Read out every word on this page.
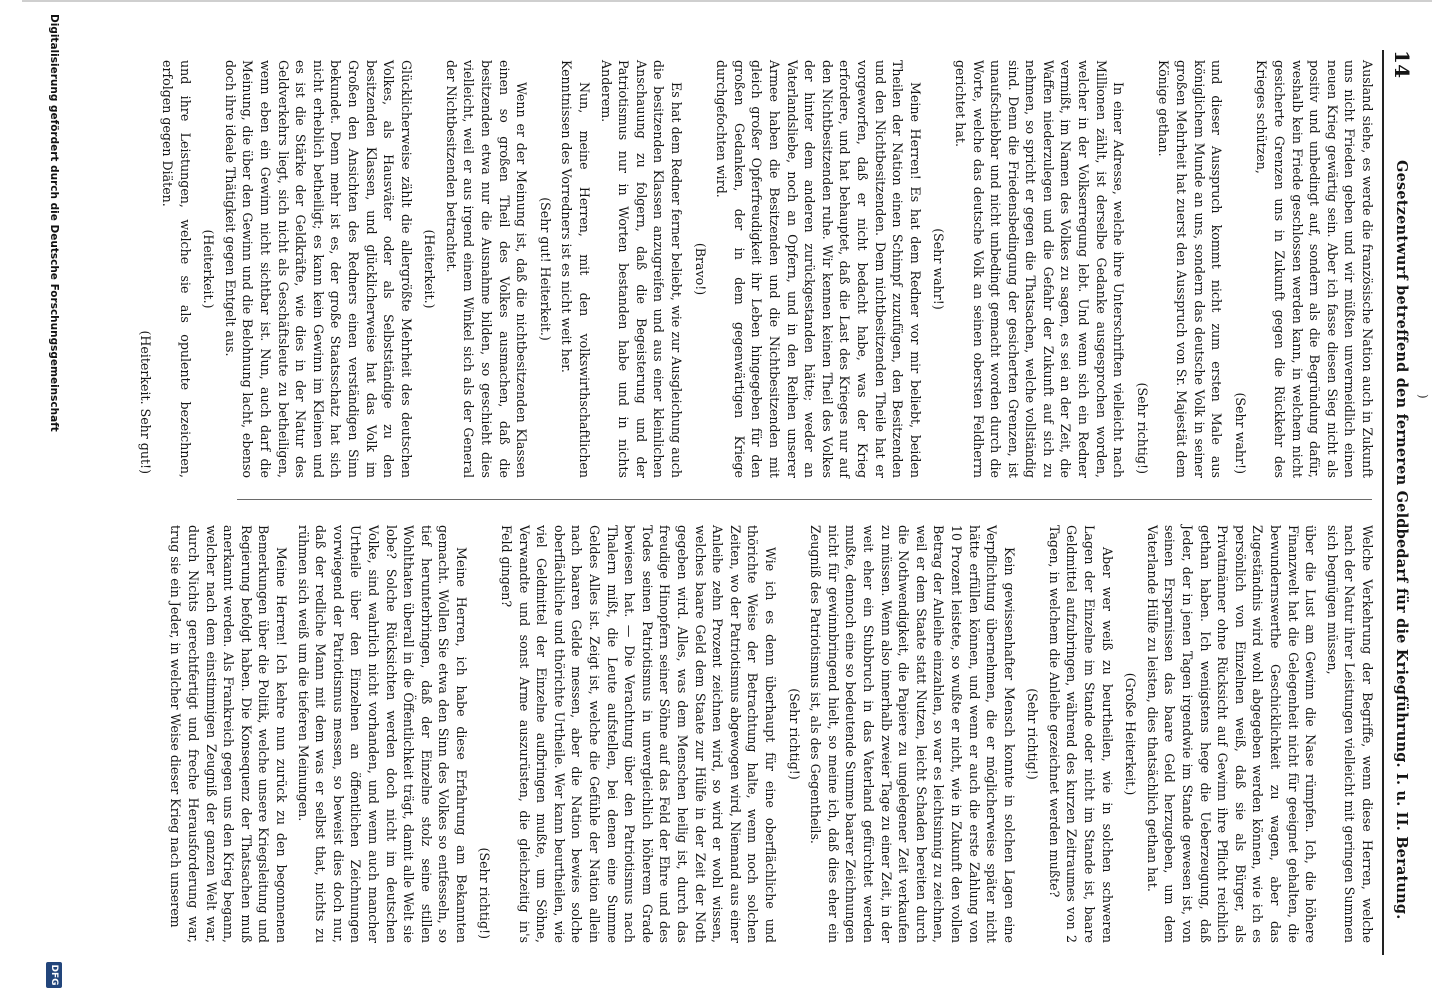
)
14
Gesetzentwurf betreffend den ferneren Geldbedarf für die Kriegführung. I. u. II. Beratung.

Ausland siehe, es werde die französische Nation auch in Zukunft uns nicht Frieden geben und wir müßten unvermeidlich einen neuen Krieg gewärtig sein. Aber ich fasse diesen Sieg nicht als positiv und unbedingt auf, sondern als die Begründung dafür, weshalb kein Friede geschlossen werden kann, in welchem nicht gesicherte Grenzen uns in Zukunft gegen die Rückkehr des Krieges schützen,

(Sehr wahr!)

und dieser Ausspruch kommt nicht zum ersten Male aus königlichem Munde an uns, sondern das deutsche Volk in seiner großen Mehrheit hat zuerst den Ausspruch von Sr. Majestät dem Könige gethan.

(Sehr richtig!)

In einer Adresse, welche ihre Unterschriften vielleicht nach Millionen zählt, ist derselbe Gedanke ausgesprochen worden, welcher in der Volkserregung lebt. Und wenn sich ein Redner vermißt, im Namen des Volkes zu sagen, es sei an der Zeit, die Waffen niederzulegen und die Gefahr der Zukunft auf sich zu nehmen, so spricht er gegen die Thatsachen, welche vollständig sind. Denn die Friedensbedingung der gesicherten Grenzen, ist unaufschiebbar und nicht unbedingt gemacht worden durch die Worte, welche das deutsche Volk an seinen obersten Feldherrn gerichtet hat.

(Sehr wahr!)

Meine Herren! Es hat dem Redner vor mir beliebt, beiden Theilen der Nation einen Schimpf zuzufügen, den Besitzenden und den Nichtbesitzenden. Dem nichtbesitzenden Theile hat er vorgeworfen, daß er nicht bedacht habe, was der Krieg erfordere, und hat behauptet, daß die Last des Krieges nur auf den Nichtbesitzenden ruhe. Wir kennen keinen Theil des Volkes der hinter dem anderen zurückgestanden hätte; weder an Vaterlandsliebe, noch an Opfern, und in den Reihen unserer Armee haben die Besitzenden und die Nichtbesitzenden mit gleich großer Opferfreudigkeit ihr Leben hingegeben für den großen Gedanken, der in dem gegenwärtigen Kriege durchgefochten wird.

(Bravo!)

Es hat dem Redner ferner beliebt, wie zur Ausgleichung auch die besitzenden Klassen anzugreifen und aus einer kleinlichen Anschauung zu folgern, daß die Begeisterung und der Patriotismus nur in Worten bestanden habe und in nichts Anderem.

Nun, meine Herren, mit den volkswirthschaftlichen Kenntnissen des Vorredners ist es nicht weit her.

(Sehr gut! Heiterkeit.)

Wenn er der Meinung ist, daß die nichtbesitzenden Klassen einen so großen Theil des Volkes ausmachen, daß die besitzenden etwa nur die Ausnahme bilden, so geschieht dies vielleicht, weil er aus irgend einem Winkel sich als der General der Nichtbesitzenden betrachtet.

(Heiterkeit.)

Glücklicherweise zählt die allergrößte Mehrheit des deutschen Volkes, als Hausväter oder als Selbstständige zu den besitzenden Klassen, und glücklicherweise hat das Volk im Großen den Ansichten des Redners einen verständigen Sinn bekundet. Denn mehr ist es, der große Staatsschatz hat sich nicht erheblich betheiligt; es kann kein Gewinn im Kleinen und es ist die Stärke der Geldkräfte, wie dies in der Natur des Geldverkehrs liegt, sich nicht als Geschäftsleute zu betheiligen, wenn eben ein Gewinn nicht sichtbar ist. Nun, auch darf die Meinung, die über den Gewinn und die Belohnung lacht, ebenso doch ihre ideale Thätigkeit gegen Entgelt aus.

(Heiterkeit.)

und ihre Leistungen, welche sie als opulente bezeichnen, erfolgen gegen Diäten.

(Heiterkeit. Sehr gut!)

Welche Verkehrung der Begriffe, wenn diese Herren, welche nach der Natur ihrer Leistungen vielleicht mit geringen Summen sich begnügen müssen,

über die Lust am Gewinn die Nase rümpfen. Ich, die höhere Finanzwelt hat die Gelegenheit nicht für geeignet gehalten, die bewundernswerthe Geschicklichkeit zu wagen, aber das Zugeständnis wird wohl abgegeben werden können, wie ich es persönlich von Einzelnen weiß, daß sie als Bürger, als Privatmänner ohne Rücksicht auf Gewinn ihre Pflicht reichlich gethan haben. Ich wenigstens hege die Ueberzeugung, daß Jeder, der in jenen Tagen irgendwie im Stande gewesen ist, von seinen Ersparnissen das baare Geld herzugeben, um dem Vaterlande Hülfe zu leisten, dies thatsächlich gethan hat.

(Große Heiterkeit.)

Aber wer weiß zu beurtheilen, wie in solchen schweren Lagen der Einzelne im Stande oder nicht im Stande ist, baare Geldmittel aufzubringen, während des kurzen Zeitraumes von 2 Tagen, in welchem die Anleihe gezeichnet werden mußte?

(Sehr richtig!)

Kein gewissenhafter Mensch konnte in solchen Lagen eine Verpflichtung übernehmen, die er möglicherweise später nicht hätte erfüllen können, und wenn er auch die erste Zahlung von 10 Prozent leistete, so wußte er nicht, wie in Zukunft den vollen Betrag der Anleihe einzahlen, so war es leichtsinnig zu zeichnen, weil er dem Staate statt Nutzen, leicht Schaden bereiten durch die Nothwendigkeit, die Papiere zu ungelegener Zeit verkaufen zu müssen. Wenn also innerhalb zweier Tage zu einer Zeit, in der weit eher ein Stubbruch in das Vaterland gefürchtet werden mußte, dennoch eine so bedeutende Summe baarer Zeichnungen nicht für gewinnbringend hielt, so meine ich, daß dies eher ein Zeugniß des Patriotismus ist, als des Gegentheils.

(Sehr richtig!)

Wie ich es denn überhaupt für eine oberflächliche und thörichte Weise der Betrachtung halte, wenn noch solchen Zeiten, wo der Patriotismus abgewogen wird, Niemand aus einer Anleihe zehn Prozent zeichnen wird, so wird er wohl wissen, welches baare Geld dem Staate zur Hülfe in der Zeit der Noth gegeben wird. Alles, was dem Menschen heilig ist, durch das freudige Hinopfern seiner Söhne auf das Feld der Ehre und des Todes seinen Patriotismus in unvergleichlich höherem Grade bewiesen hat. — Die Verachtung über den Patriotismus nach Thalern mißt, die Leute aufstellen, bei denen eine Summe Geldes Alles ist. Zeigt ist, welche die Gefühle der Nation allein nach baaren Gelde messen, aber die Nation bewies solche oberflächliche und thörichte Urtheile. Wer kann beurtheilen, wie viel Geldmittel der Einzelne aufbringen mußte, um Söhne, Verwandte und sonst Arme auszurüsten, die gleichzeitig in's Feld gingen?

(Sehr richtig!)

Meine Herren, ich habe diese Erfahrung am Bekannten gemacht. Wollen Sie etwa den Sinn des Volkes so entfesseln, so tief herunterbringen, daß der Einzelne stolz seine stillen Wohlthaten überall in die Öffentlichkeit trägt, damit alle Welt sie lobe? Solche Rücksichten werden doch nicht im deutschen Volke, sind wahrlich nicht vorhanden, und wenn auch mancher Urtheile über den Einzelnen an öffentlichen Zeichnungen vorwiegend der Patriotismus messen, so beweist dies doch nur, daß der redliche Mann mit dem was er selbst that, nichts zu rühmen sich weiß um die tieferen Meinungen.

Meine Herren! Ich kehre nun zurück zu den begonnenen Bemerkungen über die Politik, welche unsere Kriegsleitung und Regierung befolgt haben. Die Konsequenz der Thatsachen muß anerkannt werden. Als Frankreich gegen uns den Krieg begann, welcher nach dem einstimmigen Zeugniß der ganzen Welt war, durch Nichts gerechtfertigt und freche Herausforderung war, trug sie ein Jeder, in welcher Weise dieser Krieg nach unserem

Digitalisierung gefördert durch die Deutsche Forschungsgemeinschaft
DFG
